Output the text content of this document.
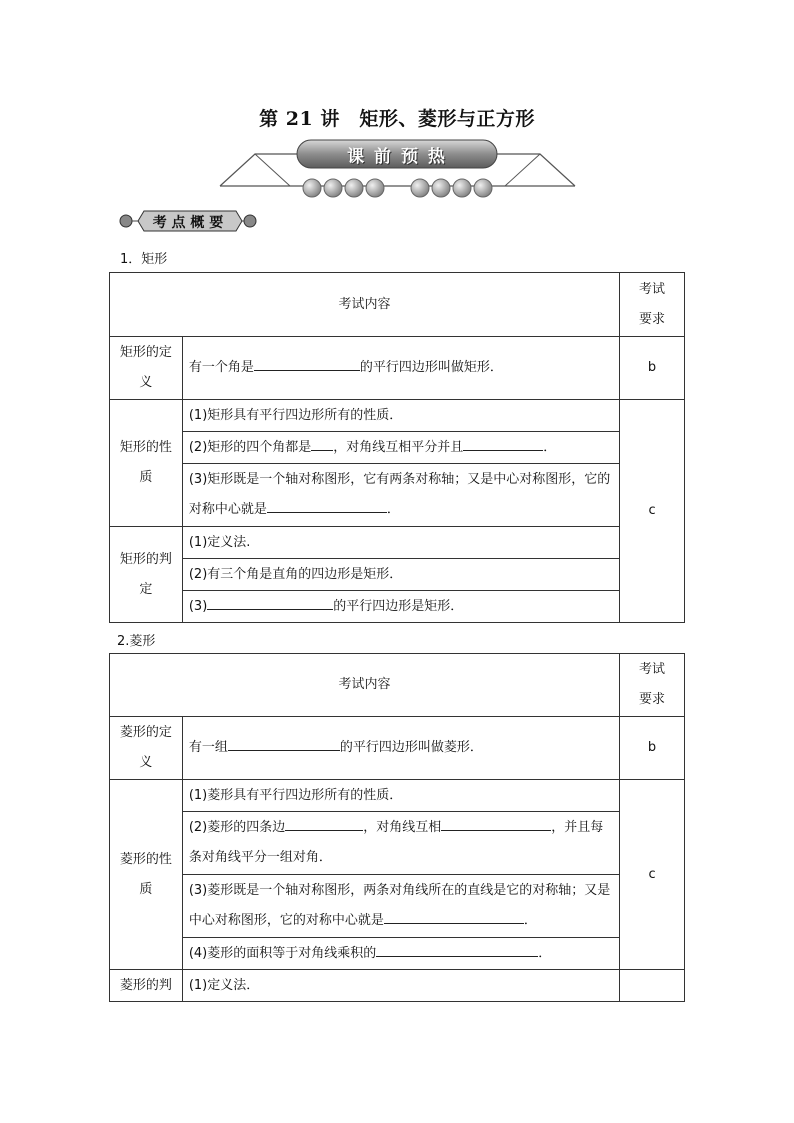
第 21 讲　矩形、菱形与正方形
课 前 预 热
考 点 概 要
1．矩形
考试内容		考试要求
矩形的定义	有一个角是 的平行四边形叫做矩形．	b
矩形的性质	(1)矩形具有平行四边形所有的性质．	c
	(2)矩形的四个角都是 ，对角线互相平分并且 ．	
	(3)矩形既是一个轴对称图形，它有两条对称轴；又是中心对称图形，它的对称中心就是 ．	
矩形的判定	(1)定义法.	
	(2)有三个角是直角的四边形是矩形．	
	(3) 的平行四边形是矩形．	
2.菱形
考试内容		考试要求
菱形的定义	有一组 的平行四边形叫做菱形．	b
菱形的性质	(1)菱形具有平行四边形所有的性质．	c
	(2)菱形的四条边 ，对角线互相 ，并且每条对角线平分一组对角．	
	(3)菱形既是一个轴对称图形，两条对角线所在的直线是它的对称轴；又是中心对称图形，它的对称中心就是 ．	
	(4)菱形的面积等于对角线乘积的 ．	
菱形的判	(1)定义法．	
